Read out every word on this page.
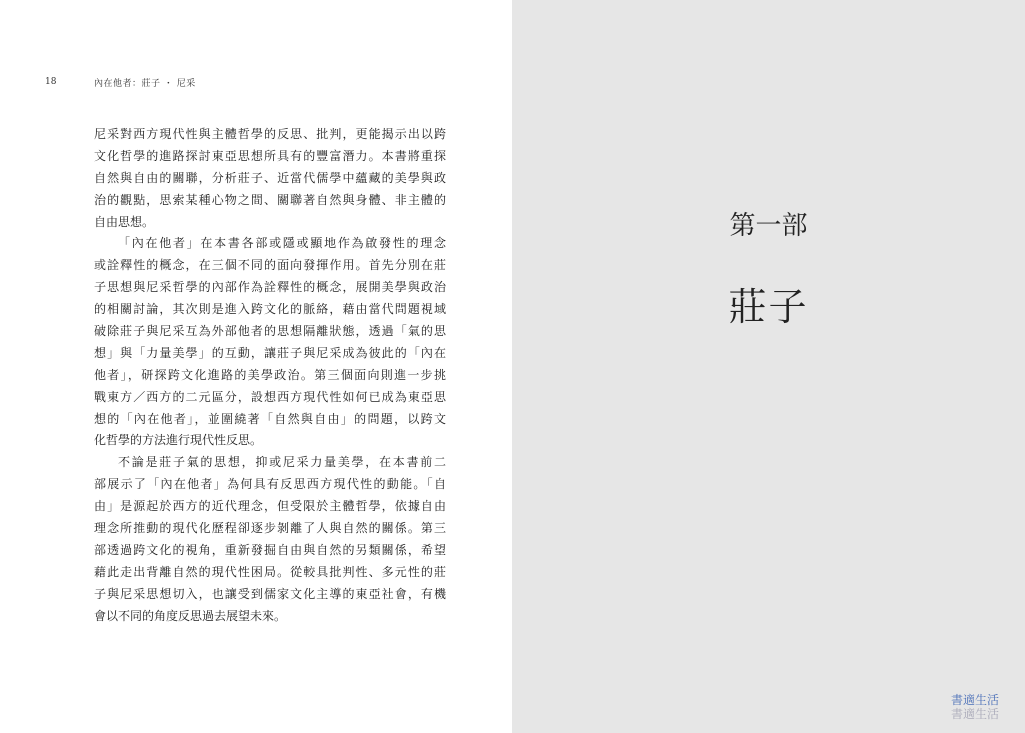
18	內在他者：莊子 ・ 尼采
尼采對西方現代性與主體哲學的反思、批判，更能揭示出以跨
文化哲學的進路探討東亞思想所具有的豐富潛力。本書將重探
自然與自由的關聯，分析莊子、近當代儒學中蘊藏的美學與政
治的觀點，思索某種心物之間、關聯著自然與身體、非主體的
自由思想。
「內在他者」在本書各部或隱或顯地作為啟發性的理念
或詮釋性的概念，在三個不同的面向發揮作用。首先分別在莊
子思想與尼采哲學的內部作為詮釋性的概念，展開美學與政治
的相關討論，其次則是進入跨文化的脈絡，藉由當代問題視域
破除莊子與尼采互為外部他者的思想隔離狀態，透過「氣的思
想」與「力量美學」的互動，讓莊子與尼采成為彼此的「內在
他者」，研探跨文化進路的美學政治。第三個面向則進一步挑
戰東方／西方的二元區分，設想西方現代性如何已成為東亞思
想的「內在他者」，並圍繞著「自然與自由」的問題，以跨文
化哲學的方法進行現代性反思。
不論是莊子氣的思想，抑或尼采力量美學，在本書前二
部展示了「內在他者」為何具有反思西方現代性的動能。「自
由」是源起於西方的近代理念，但受限於主體哲學，依據自由
理念所推動的現代化歷程卻逐步剝離了人與自然的關係。第三
部透過跨文化的視角，重新發掘自由與自然的另類關係，希望
藉此走出背離自然的現代性困局。從較具批判性、多元性的莊
子與尼采思想切入，也讓受到儒家文化主導的東亞社會，有機
會以不同的角度反思過去展望未來。
第一部
莊子
書適生活
書適生活
